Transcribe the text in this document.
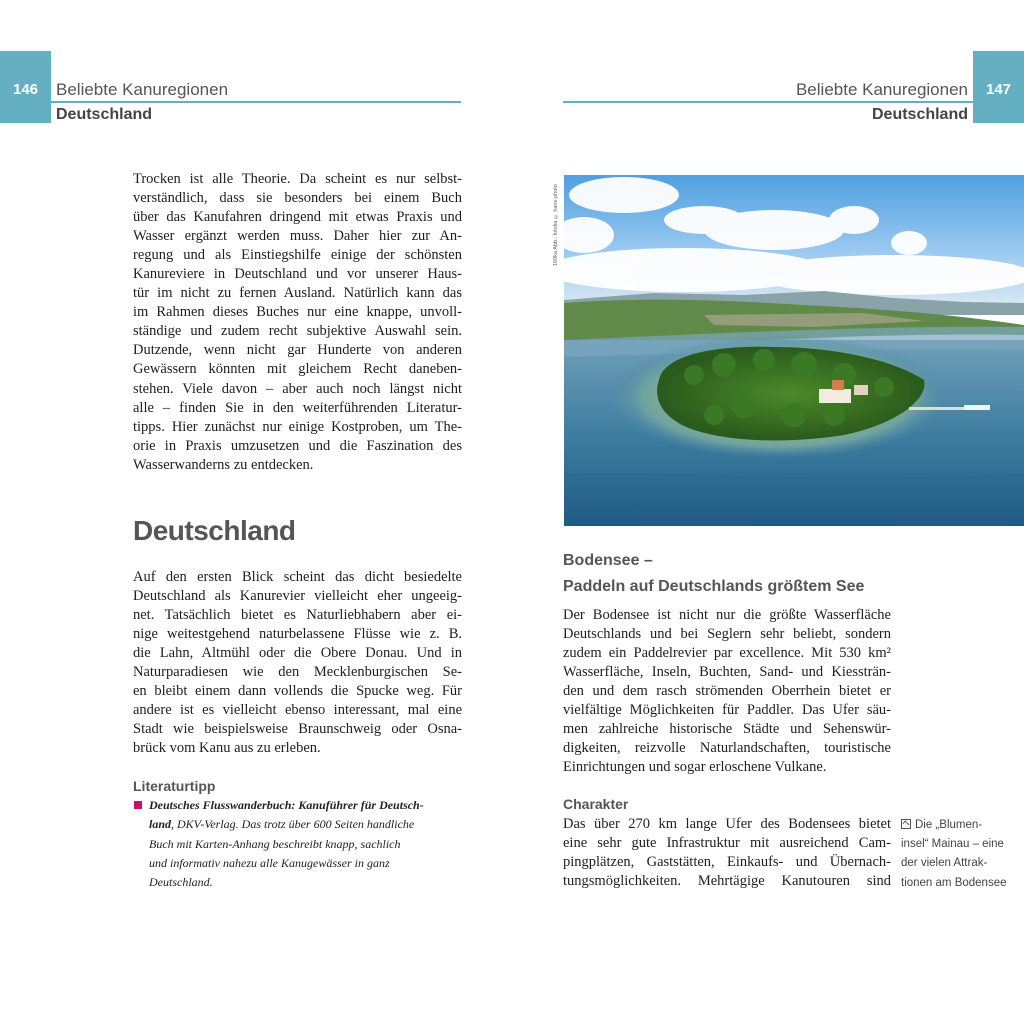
146	Beliebte Kanuregionen
Deutschland
Trocken ist alle Theorie. Da scheint es nur selbst-
verständlich, dass sie besonders bei einem Buch
über das Kanufahren dringend mit etwas Praxis und
Wasser ergänzt werden muss. Daher hier zur An-
regung und als Einstiegshilfe einige der schönsten
Kanureviere in Deutschland und vor unserer Haus-
tür im nicht zu fernen Ausland. Natürlich kann das
im Rahmen dieses Buches nur eine knappe, unvoll-
ständige und zudem recht subjektive Auswahl sein.
Dutzende, wenn nicht gar Hunderte von anderen
Gewässern könnten mit gleichem Recht daneben-
stehen. Viele davon – aber auch noch längst nicht
alle – finden Sie in den weiterführenden Literatur-
tipps. Hier zunächst nur einige Kostproben, um The-
orie in Praxis umzusetzen und die Faszination des
Wasserwanderns zu entdecken.
Deutschland
Auf den ersten Blick scheint das dicht besiedelte
Deutschland als Kanurevier vielleicht eher ungeeig-
net. Tatsächlich bietet es Naturliebhabern aber ei-
nige weitestgehend naturbelassene Flüsse wie z. B.
die Lahn, Altmühl oder die Obere Donau. Und in
Naturparadiesen wie den Mecklenburgischen Se-
en bleibt einem dann vollends die Spucke weg. Für
andere ist es vielleicht ebenso interessant, mal eine
Stadt wie beispielsweise Braunschweig oder Osna-
brück vom Kanu aus zu erleben.
Literaturtipp
Deutsches Flusswanderbuch: Kanuführer für Deutsch-
land, DKV-Verlag. Das trotz über 600 Seiten handliche
Buch mit Karten-Anhang beschreibt knapp, sachlich
und informativ nahezu alle Kanugewässer in ganz
Deutschland.
147
Beliebte Kanuregionen
Deutschland
169ka Abb.: fotolia © hans-photo
Bodensee –
Paddeln auf Deutschlands größtem See
Der Bodensee ist nicht nur die größte Wasserfläche
Deutschlands und bei Seglern sehr beliebt, sondern
zudem ein Paddelrevier par excellence. Mit 530 km²
Wasserfläche, Inseln, Buchten, Sand- und Kiessträn-
den und dem rasch strömenden Oberrhein bietet er
vielfältige Möglichkeiten für Paddler. Das Ufer säu-
men zahlreiche historische Städte und Sehenswür-
digkeiten, reizvolle Naturlandschaften, touristische
Einrichtungen und sogar erloschene Vulkane.
Charakter
Das über 270 km lange Ufer des Bodensees bietet
eine sehr gute Infrastruktur mit ausreichend Cam-
pingplätzen, Gaststätten, Einkaufs- und Übernach-
tungsmöglichkeiten. Mehrtägige Kanutouren sind
Die „Blumen-
insel“ Mainau – eine
der vielen Attrak-
tionen am Bodensee
